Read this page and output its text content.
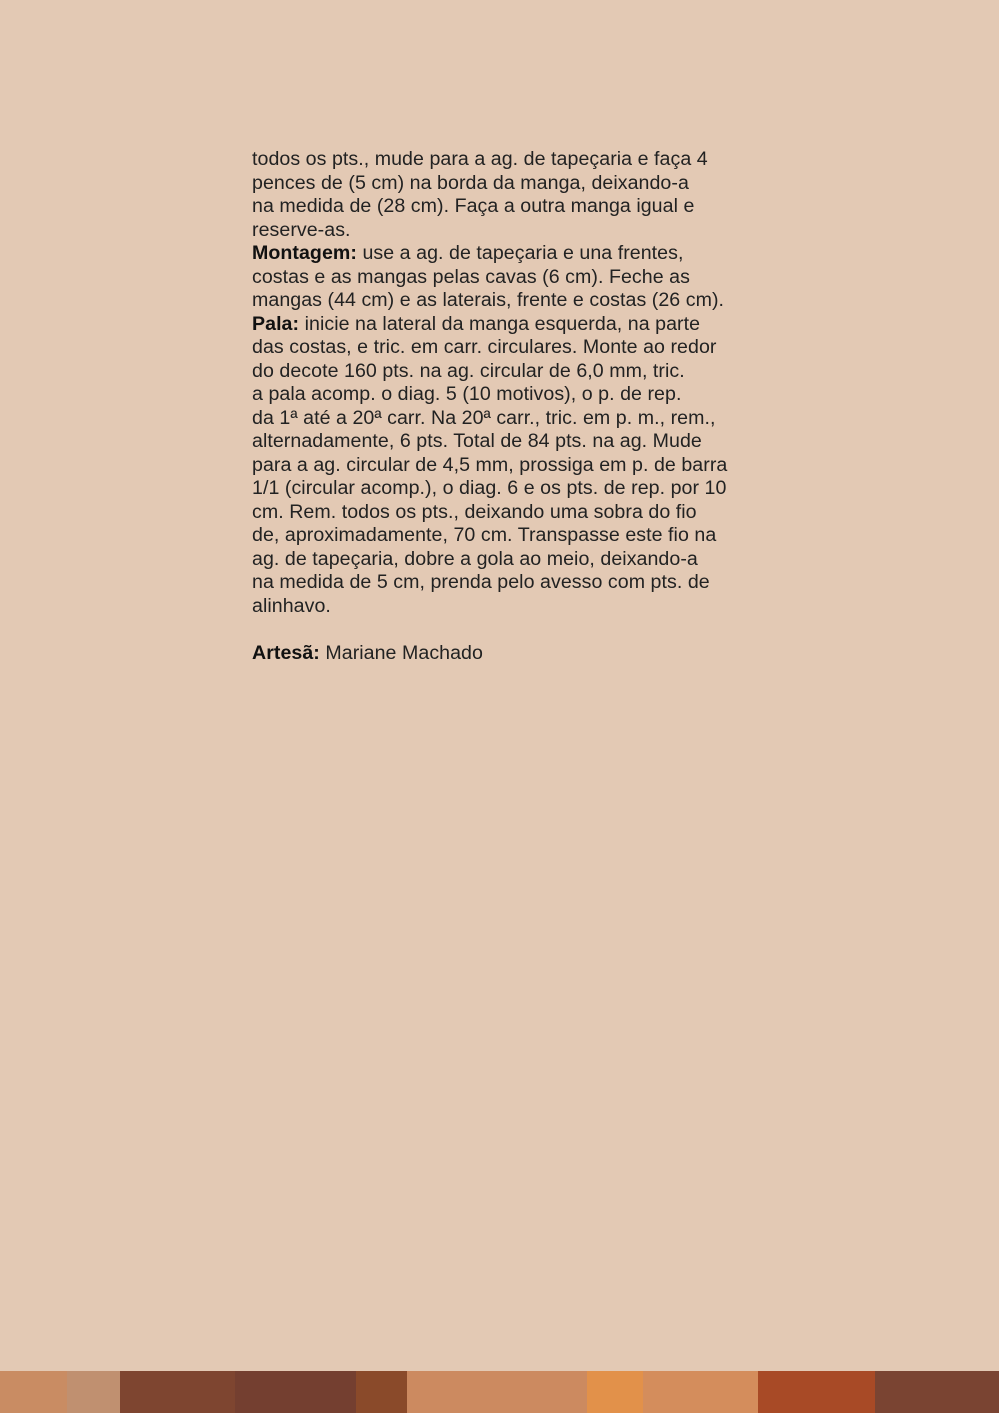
todos os pts., mude para a ag. de tapeçaria e faça 4
pences de (5 cm) na borda da manga, deixando-a
na medida de (28 cm). Faça a outra manga igual e
reserve-as.

Montagem: use a ag. de tapeçaria e una frentes,
costas e as mangas pelas cavas (6 cm). Feche as
mangas (44 cm) e as laterais, frente e costas (26 cm).

Pala: inicie na lateral da manga esquerda, na parte
das costas, e tric. em carr. circulares. Monte ao redor
do decote 160 pts. na ag. circular de 6,0 mm, tric.
a pala acomp. o diag. 5 (10 motivos), o p. de rep.
da 1ª até a 20ª carr. Na 20ª carr., tric. em p. m., rem.,
alternadamente, 6 pts. Total de 84 pts. na ag. Mude
para a ag. circular de 4,5 mm, prossiga em p. de barra
1/1 (circular acomp.), o diag. 6 e os pts. de rep. por 10
cm. Rem. todos os pts., deixando uma sobra do fio
de, aproximadamente, 70 cm. Transpasse este fio na
ag. de tapeçaria, dobre a gola ao meio, deixando-a
na medida de 5 cm, prenda pelo avesso com pts. de
alinhavo.

Artesã: Mariane Machado
